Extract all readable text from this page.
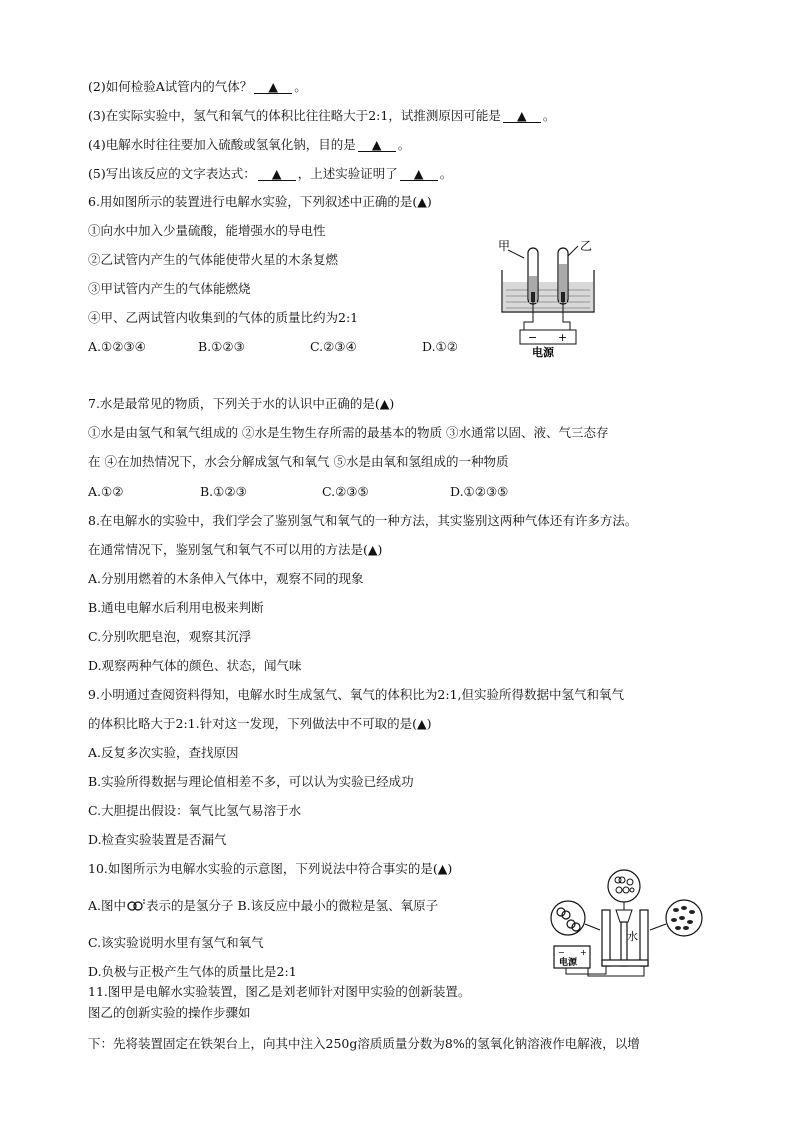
(2)如何检验A试管内的气体？ ▲ 。
(3)在实际实验中，氢气和氧气的体积比往往略大于2:1，试推测原因可能是 ▲ 。
(4)电解水时往往要加入硫酸或氢氧化钠，目的是 ▲ 。
(5)写出该反应的文字表达式： ▲ ，上述实验证明了 ▲ 。
6.用如图所示的装置进行电解水实验，下列叙述中正确的是(▲)
①向水中加入少量硫酸，能增强水的导电性
②乙试管内产生的气体能使带火星的木条复燃
③甲试管内产生的气体能燃烧
④甲、乙两试管内收集到的气体的质量比约为2:1
A.①②③④	B.①②③	C.②③④	D.①②
甲	乙
− +
电源
7.水是最常见的物质，下列关于水的认识中正确的是(▲)
①水是由氢气和氧气组成的 ②水是生物生存所需的最基本的物质 ③水通常以固、液、气三态存
在 ④在加热情况下，水会分解成氢气和氧气 ⑤水是由氧和氢组成的一种物质
A.①②	B.①②③	C.②③⑤	D.①②③⑤
8.在电解水的实验中，我们学会了鉴别氢气和氧气的一种方法，其实鉴别这两种气体还有许多方法。
在通常情况下，鉴别氢气和氧气不可以用的方法是(▲)
A.分别用燃着的木条伸入气体中，观察不同的现象
B.通电电解水后利用电极来判断
C.分别吹肥皂泡，观察其沉浮
D.观察两种气体的颜色、状态，闻气味
9.小明通过查阅资料得知，电解水时生成氢气、氧气的体积比为2:1,但实验所得数据中氢气和氧气
的体积比略大于2:1.针对这一发现，下列做法中不可取的是(▲)
A.反复多次实验，查找原因
B.实验所得数据与理论值相差不多，可以认为实验已经成功
C.大胆提出假设：氧气比氢气易溶于水
D.检查实验装置是否漏气
10.如图所示为电解水实验的示意图，下列说法中符合事实的是(▲)
A.图中 表示的是氢分子 B.该反应中最小的微粒是氢、氧原子
C.该实验说明水里有氢气和氧气
D.负极与正极产生气体的质量比是2:1
水
− +
电源
11.图甲是电解水实验装置，图乙是刘老师针对图甲实验的创新装置。
图乙的创新实验的操作步骤如
下：先将装置固定在铁架台上，向其中注入250g溶质质量分数为8%的氢氧化钠溶液作电解液，以增
